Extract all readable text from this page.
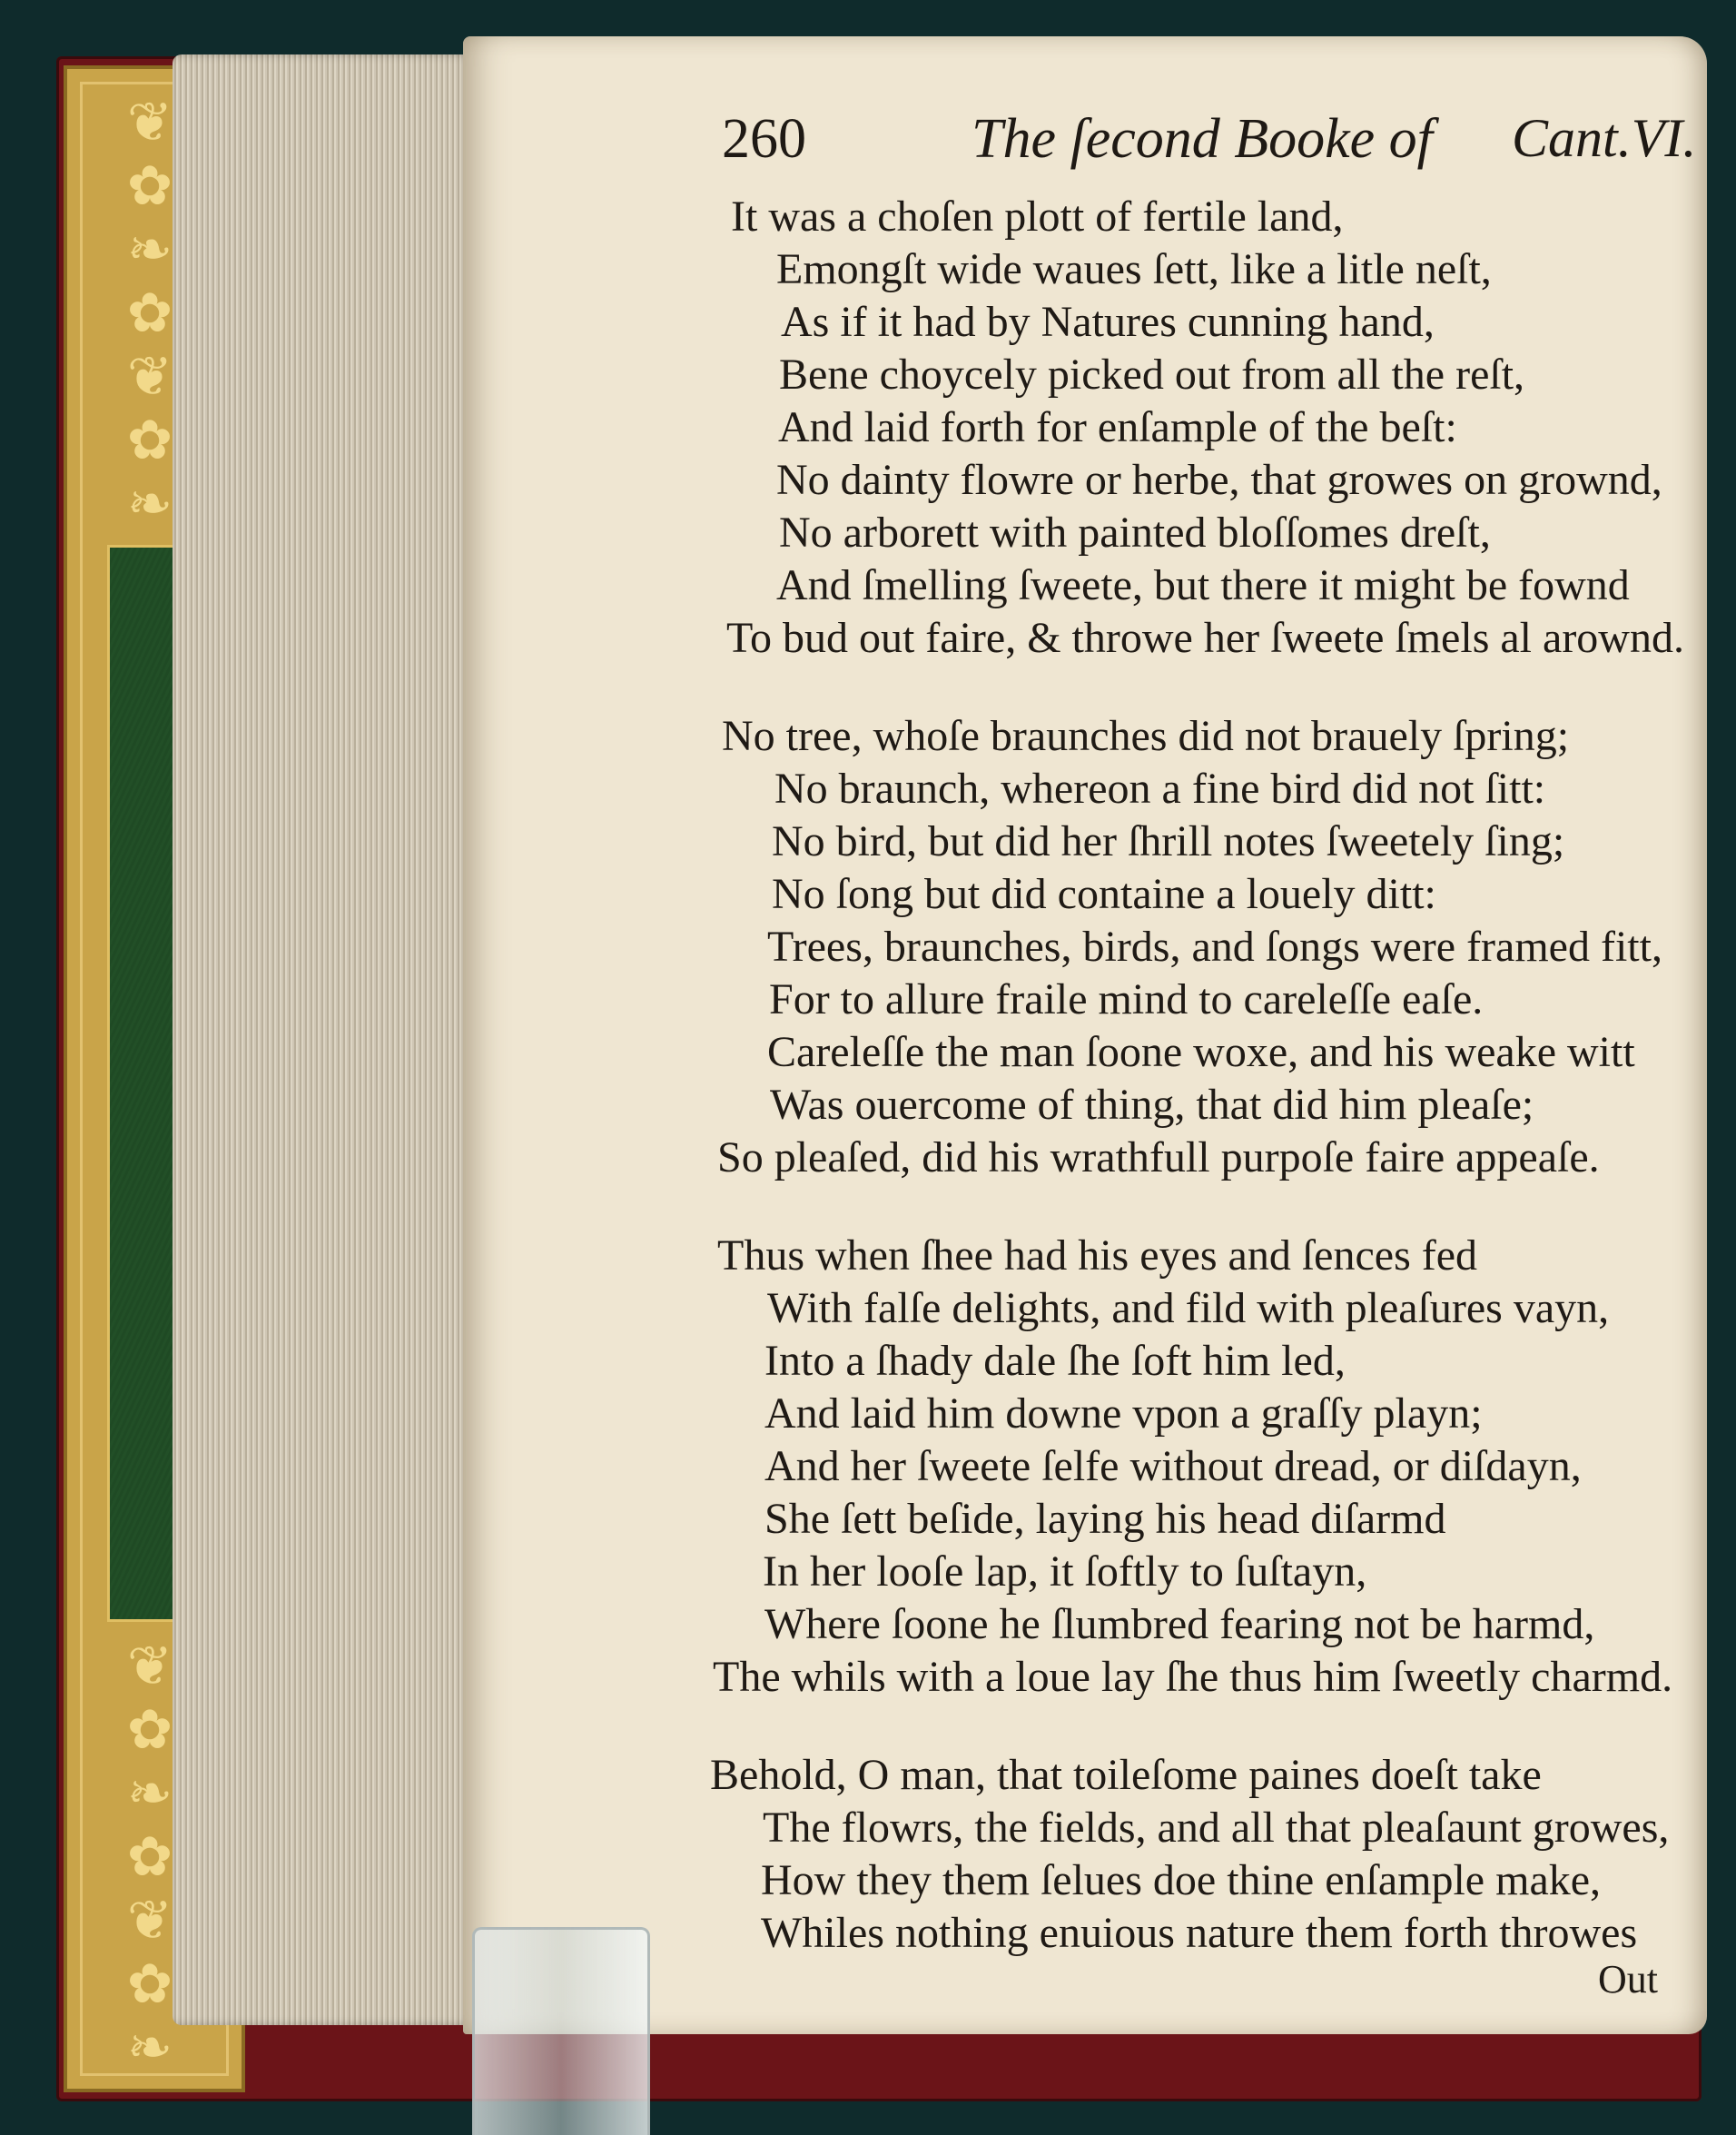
❦
✿
❧
✿
❦
✿
❧
❦
✿
❧
✿
❦
✿
❧
260	The ſecond Booke of Cant.VI.
It was a choſen plott of fertile land,
Emongſt wide waues ſett, like a litle neſt,
As if it had by Natures cunning hand,
Bene choycely picked out from all the reſt,
And laid forth for enſample of the beſt:
No dainty flowre or herbe, that growes on grownd,
No arborett with painted bloſſomes dreſt,
And ſmelling ſweete, but there it might be fownd
To bud out faire, & throwe her ſweete ſmels al arownd.
No tree, whoſe braunches did not brauely ſpring;
No braunch, whereon a fine bird did not ſitt:
No bird, but did her ſhrill notes ſweetely ſing;
No ſong but did containe a louely ditt:
Trees, braunches, birds, and ſongs were framed fitt,
For to allure fraile mind to careleſſe eaſe.
Careleſſe the man ſoone woxe, and his weake witt
Was ouercome of thing, that did him pleaſe;
So pleaſed, did his wrathfull purpoſe faire appeaſe.
Thus when ſhee had his eyes and ſences fed
With falſe delights, and fild with pleaſures vayn,
Into a ſhady dale ſhe ſoft him led,
And laid him downe vpon a graſſy playn;
And her ſweete ſelfe without dread, or diſdayn,
She ſett beſide, laying his head diſarmd
In her looſe lap, it ſoftly to ſuſtayn,
Where ſoone he ſlumbred fearing not be harmd,
The whils with a loue lay ſhe thus him ſweetly charmd.
Behold, O man, that toileſome paines doeſt take
The flowrs, the fields, and all that pleaſaunt growes,
How they them ſelues doe thine enſample make,
Whiles nothing enuious nature them forth throwes
Out
